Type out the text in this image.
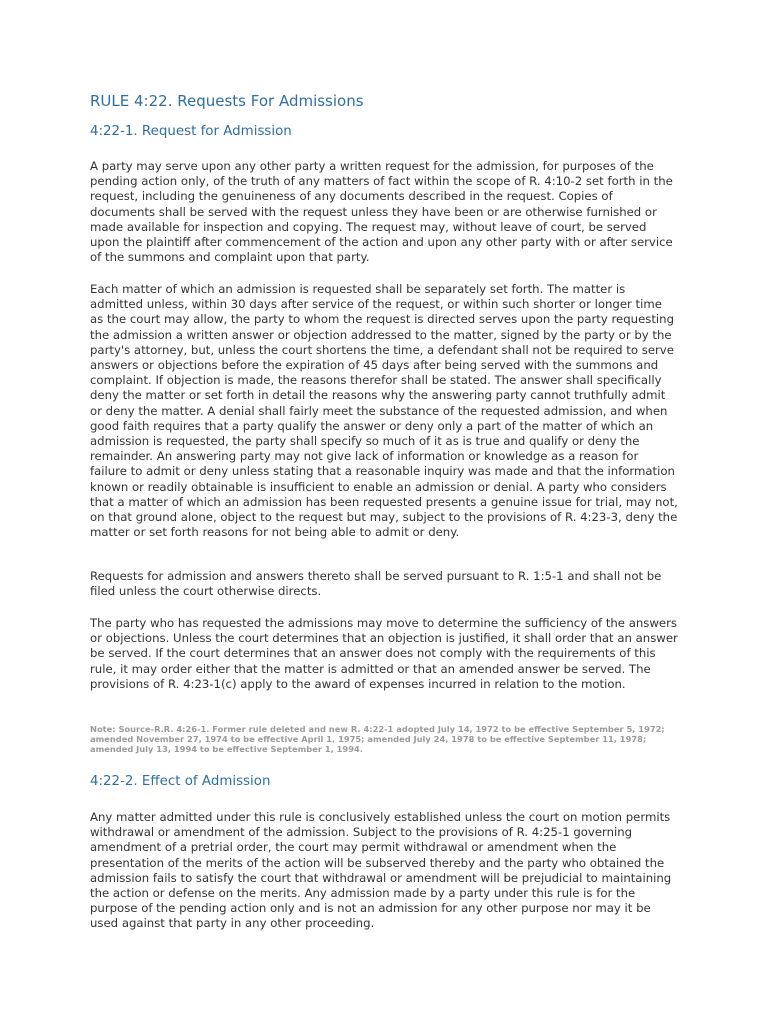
RULE 4:22. Requests For Admissions
4:22-1. Request for Admission

A party may serve upon any other party a written request for the admission, for purposes of the pending action only, of the truth of any matters of fact within the scope of R. 4:10-2 set forth in the request, including the genuineness of any documents described in the request. Copies of documents shall be served with the request unless they have been or are otherwise furnished or made available for inspection and copying. The request may, without leave of court, be served upon the plaintiff after commencement of the action and upon any other party with or after service of the summons and complaint upon that party.

Each matter of which an admission is requested shall be separately set forth. The matter is admitted unless, within 30 days after service of the request, or within such shorter or longer time as the court may allow, the party to whom the request is directed serves upon the party requesting the admission a written answer or objection addressed to the matter, signed by the party or by the party's attorney, but, unless the court shortens the time, a defendant shall not be required to serve answers or objections before the expiration of 45 days after being served with the summons and complaint. If objection is made, the reasons therefor shall be stated. The answer shall specifically deny the matter or set forth in detail the reasons why the answering party cannot truthfully admit or deny the matter. A denial shall fairly meet the substance of the requested admission, and when good faith requires that a party qualify the answer or deny only a part of the matter of which an admission is requested, the party shall specify so much of it as is true and qualify or deny the remainder. An answering party may not give lack of information or knowledge as a reason for failure to admit or deny unless stating that a reasonable inquiry was made and that the information known or readily obtainable is insufficient to enable an admission or denial. A party who considers that a matter of which an admission has been requested presents a genuine issue for trial, may not, on that ground alone, object to the request but may, subject to the provisions of R. 4:23-3, deny the matter or set forth reasons for not being able to admit or deny.

Requests for admission and answers thereto shall be served pursuant to R. 1:5-1 and shall not be filed unless the court otherwise directs.

The party who has requested the admissions may move to determine the sufficiency of the answers or objections. Unless the court determines that an objection is justified, it shall order that an answer be served. If the court determines that an answer does not comply with the requirements of this rule, it may order either that the matter is admitted or that an amended answer be served. The provisions of R. 4:23-1(c) apply to the award of expenses incurred in relation to the motion.

Note: Source-R.R. 4:26-1. Former rule deleted and new R. 4:22-1 adopted July 14, 1972 to be effective September 5, 1972; amended November 27, 1974 to be effective April 1, 1975; amended July 24, 1978 to be effective September 11, 1978; amended July 13, 1994 to be effective September 1, 1994.

4:22-2. Effect of Admission

Any matter admitted under this rule is conclusively established unless the court on motion permits withdrawal or amendment of the admission. Subject to the provisions of R. 4:25-1 governing amendment of a pretrial order, the court may permit withdrawal or amendment when the presentation of the merits of the action will be subserved thereby and the party who obtained the admission fails to satisfy the court that withdrawal or amendment will be prejudicial to maintaining the action or defense on the merits. Any admission made by a party under this rule is for the purpose of the pending action only and is not an admission for any other purpose nor may it be used against that party in any other proceeding.
